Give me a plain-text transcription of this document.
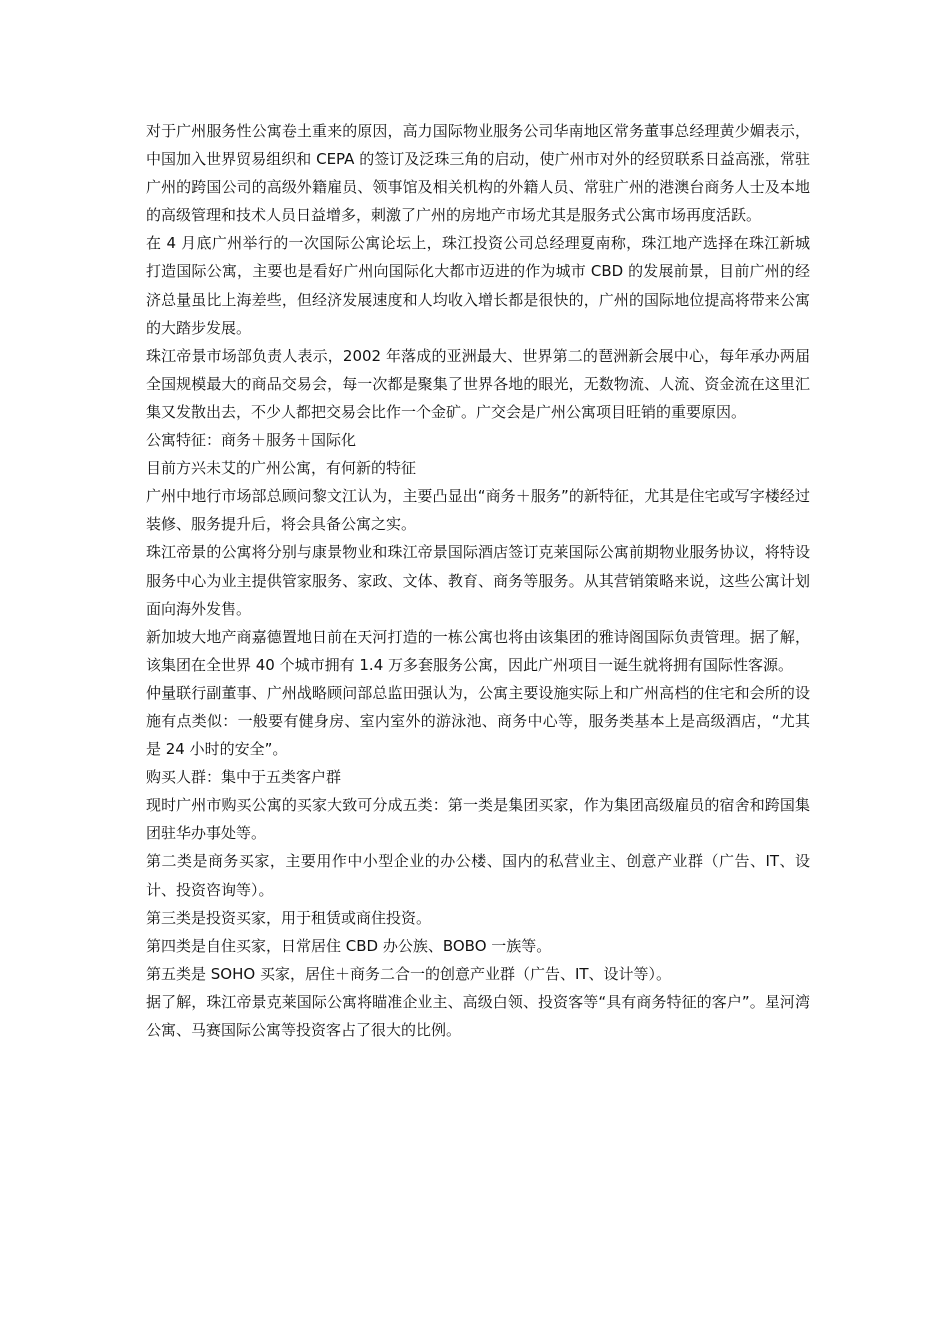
对于广州服务性公寓卷土重来的原因，高力国际物业服务公司华南地区常务董事总经理黄少媚表示，中国加入世界贸易组织和 CEPA 的签订及泛珠三角的启动，使广州市对外的经贸联系日益高涨，常驻广州的跨国公司的高级外籍雇员、领事馆及相关机构的外籍人员、常驻广州的港澳台商务人士及本地的高级管理和技术人员日益增多，刺激了广州的房地产市场尤其是服务式公寓市场再度活跃。

在 4 月底广州举行的一次国际公寓论坛上，珠江投资公司总经理夏南称，珠江地产选择在珠江新城打造国际公寓，主要也是看好广州向国际化大都市迈进的作为城市 CBD 的发展前景，目前广州的经济总量虽比上海差些，但经济发展速度和人均收入增长都是很快的，广州的国际地位提高将带来公寓的大踏步发展。

珠江帝景市场部负责人表示，2002 年落成的亚洲最大、世界第二的琶洲新会展中心，每年承办两届全国规模最大的商品交易会，每一次都是聚集了世界各地的眼光，无数物流、人流、资金流在这里汇集又发散出去，不少人都把交易会比作一个金矿。广交会是广州公寓项目旺销的重要原因。

公寓特征：商务＋服务＋国际化

目前方兴未艾的广州公寓，有何新的特征

广州中地行市场部总顾问黎文江认为，主要凸显出“商务＋服务”的新特征，尤其是住宅或写字楼经过装修、服务提升后，将会具备公寓之实。

珠江帝景的公寓将分别与康景物业和珠江帝景国际酒店签订克莱国际公寓前期物业服务协议，将特设服务中心为业主提供管家服务、家政、文体、教育、商务等服务。从其营销策略来说，这些公寓计划面向海外发售。

新加坡大地产商嘉德置地日前在天河打造的一栋公寓也将由该集团的雅诗阁国际负责管理。据了解，该集团在全世界 40 个城市拥有 1.4 万多套服务公寓，因此广州项目一诞生就将拥有国际性客源。

仲量联行副董事、广州战略顾问部总监田强认为，公寓主要设施实际上和广州高档的住宅和会所的设施有点类似：一般要有健身房、室内室外的游泳池、商务中心等，服务类基本上是高级酒店，“尤其是 24 小时的安全”。

购买人群：集中于五类客户群

现时广州市购买公寓的买家大致可分成五类：第一类是集团买家，作为集团高级雇员的宿舍和跨国集团驻华办事处等。

第二类是商务买家，主要用作中小型企业的办公楼、国内的私营业主、创意产业群（广告、IT、设计、投资咨询等）。

第三类是投资买家，用于租赁或商住投资。

第四类是自住买家，日常居住 CBD 办公族、BOBO 一族等。

第五类是 SOHO 买家，居住＋商务二合一的创意产业群（广告、IT、设计等）。

据了解，珠江帝景克莱国际公寓将瞄准企业主、高级白领、投资客等“具有商务特征的客户”。星河湾公寓、马赛国际公寓等投资客占了很大的比例。
